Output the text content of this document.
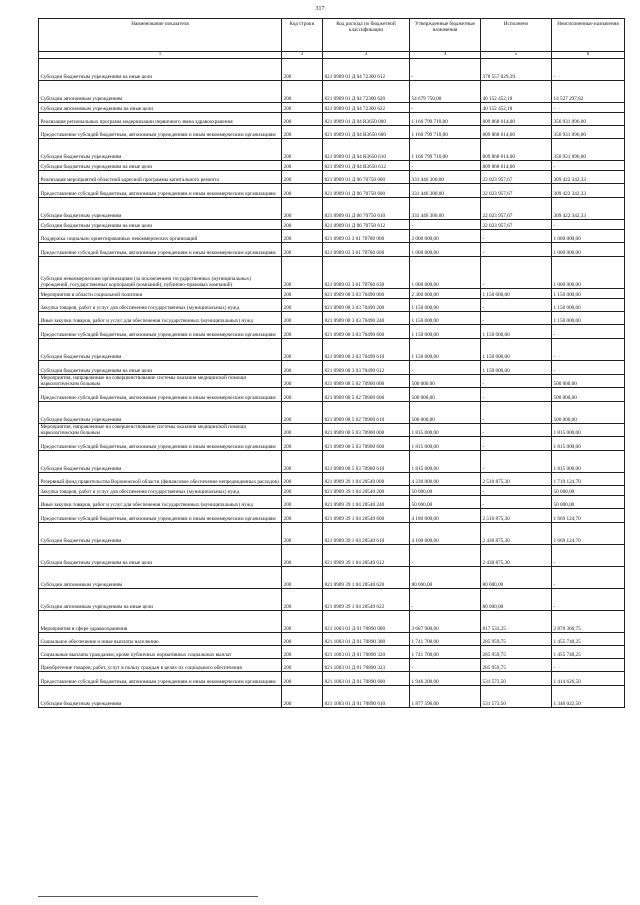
317
Наименование показателя	Код строки	Код расхода по бюджетной классификации	Утвержденные бюджетные назначения	Исполнено	Неисполненные назначения
1	2	3	4	5	6
Субсидии бюджетным учреждениям на иные цели	200	821 0909 01 Д 04 72300 612	-	378 557 029,39	-
Субсидии автономным учреждениям	200	821 0909 01 Д 04 72300 620	54 679 750,00	40 152 452,18	14 527 297,82
Субсидии автономным учреждениям на иные цели	200	821 0909 01 Д 04 72300 622	-	40 152 452,18	-
Реализация региональных программ модернизации первичного звена здравоохранения	200	821 0909 01 Д 04 R3650 000	1 166 799 710,00	809 868 614,00	356 931 096,00
Предоставление субсидий бюджетным, автономным учреждениям и иным некоммерческим организациям	200	821 0909 01 Д 04 R3650 600	1 166 799 710,00	809 868 614,00	356 931 096,00
Субсидии бюджетным учреждениям	200	821 0909 01 Д 04 R3650 610	1 166 799 710,00	809 868 614,00	356 931 096,00
Субсидии бюджетным учреждениям на иные цели	200	821 0909 01 Д 04 R3650 612	-	809 868 614,00	-
Реализация мероприятий областной адресной программы капитального ремонта	200	821 0909 01 Д 06 70750 000	331 446 300,00	22 023 957,67	309 422 342,33
Предоставление субсидий бюджетным, автономным учреждениям и иным некоммерческим организациям	200	821 0909 01 Д 06 70750 600	331 446 300,00	22 023 957,67	309 422 342,33
Субсидии бюджетным учреждениям	200	821 0909 01 Д 06 70750 610	331 446 300,00	22 023 957,67	309 422 342,33
Субсидии бюджетным учреждениям на иные цели	200	821 0909 01 Д 06 70750 612	-	22 023 957,67	-
Поддержка социально ориентированных некоммерческих организаций	200	821 0909 03 3 01 70780 000	2 000 000,00	-	1 000 000,00
Предоставление субсидий бюджетным, автономным учреждениям и иным некоммерческим организациям	200	821 0909 03 3 01 70780 600	1 000 000,00	-	1 000 000,00
Субсидии некоммерческим организациям (за исключением государственных (муниципальных) учреждений, государственных корпораций (компаний), публично-правовых компаний)	200	821 0909 03 3 01 70780 630	1 000 000,00	-	1 000 000,00
Мероприятия в области социальной политики	200	821 0909 08 3 03 70490 000	2 300 000,00	1 150 000,00	1 150 000,00
Закупка товаров, работ и услуг для обеспечения государственных (муниципальных) нужд	200	821 0909 08 3 03 70490 200	1 150 000,00	-	1 150 000,00
Иные закупки товаров, работ и услуг для обеспечения государственных (муниципальных) нужд	200	821 0909 08 3 03 70490 240	1 150 000,00	-	1 150 000,00
Предоставление субсидий бюджетным, автономным учреждениям и иным некоммерческим организациям	200	821 0909 08 3 03 70490 600	1 150 000,00	1 150 000,00	-
Субсидии бюджетным учреждениям	200	821 0909 08 3 03 70490 610	1 150 000,00	1 150 000,00	-
Субсидии бюджетным учреждениям на иные цели	200	821 0909 08 3 03 70490 612	-	1 150 000,00	-
Мероприятия, направленные на совершенствование системы оказания медицинской помощи наркологическим больным	200	821 0909 08 5 02 70900 000	500 000,00	-	500 000,00
Предоставление субсидий бюджетным, автономным учреждениям и иным некоммерческим организациям	200	821 0909 08 5 02 70900 600	500 000,00	-	500 000,00
Субсидии бюджетным учреждениям	200	821 0909 08 5 02 70900 610	500 000,00	-	500 000,00
Мероприятия, направленные на совершенствование системы оказания медицинской помощи наркологическим больным	200	821 0909 08 5 03 70900 000	1 815 000,00	-	1 815 000,00
Предоставление субсидий бюджетным, автономным учреждениям и иным некоммерческим организациям	200	821 0909 08 5 03 70900 600	1 815 000,00	-	1 815 000,00
Субсидии бюджетным учреждениям	200	821 0909 08 5 03 70900 610	1 815 000,00	-	1 815 000,00
Резервный фонд правительства Воронежской области (финансовое обеспечение непредвиденных расходов)	200	821 0909 39 1 04 20540 000	4 230 000,00	2 510 875,30	1 719 124,70
Закупка товаров, работ и услуг для обеспечения государственных (муниципальных) нужд	200	821 0909 39 1 04 20540 200	50 000,00	-	50 000,00
Иные закупки товаров, работ и услуг для обеспечения государственных (муниципальных) нужд	200	821 0909 39 1 04 20540 240	50 000,00	-	50 000,00
Предоставление субсидий бюджетным, автономным учреждениям и иным некоммерческим организациям	200	821 0909 39 1 04 20540 600	4 180 000,00	2 510 875,30	1 669 124,70
Субсидии бюджетным учреждениям	200	821 0909 39 1 04 20540 610	4 100 000,00	2 430 875,30	1 669 124,70
Субсидии бюджетным учреждениям на иные цели	200	821 0909 39 1 04 20540 612	-	2 430 875,30	-
Субсидии автономным учреждениям	200	821 0909 39 1 04 20540 620	80 000,00	80 000,00	-
Субсидии автономным учреждениям на иные цели	200	821 0909 39 1 04 20540 622	-	80 000,00	-
Мероприятия в сфере здравоохранения	200	821 1003 01 Д 01 70890 000	3 687 900,00	817 533,25	2 870 366,75
Социальное обеспечение и иные выплаты населению	200	821 1003 01 Д 01 70890 300	1 741 700,00	285 959,75	1 455 740,25
Социальные выплаты гражданам, кроме публичных нормативных социальных выплат	200	821 1003 01 Д 01 70890 320	1 741 700,00	285 959,75	1 455 740,25
Приобретение товаров, работ, услуг в пользу граждан в целях их социального обеспечения	200	821 1003 01 Д 01 70890 323	-	285 959,75	-
Предоставление субсидий бюджетным, автономным учреждениям и иным некоммерческим организациям	200	821 1003 01 Д 01 70890 600	1 946 200,00	531 573,50	1 414 626,50
Субсидии бюджетным учреждениям	200	821 1003 01 Д 01 70890 610	1 877 596,00	531 573,50	1 346 022,50
